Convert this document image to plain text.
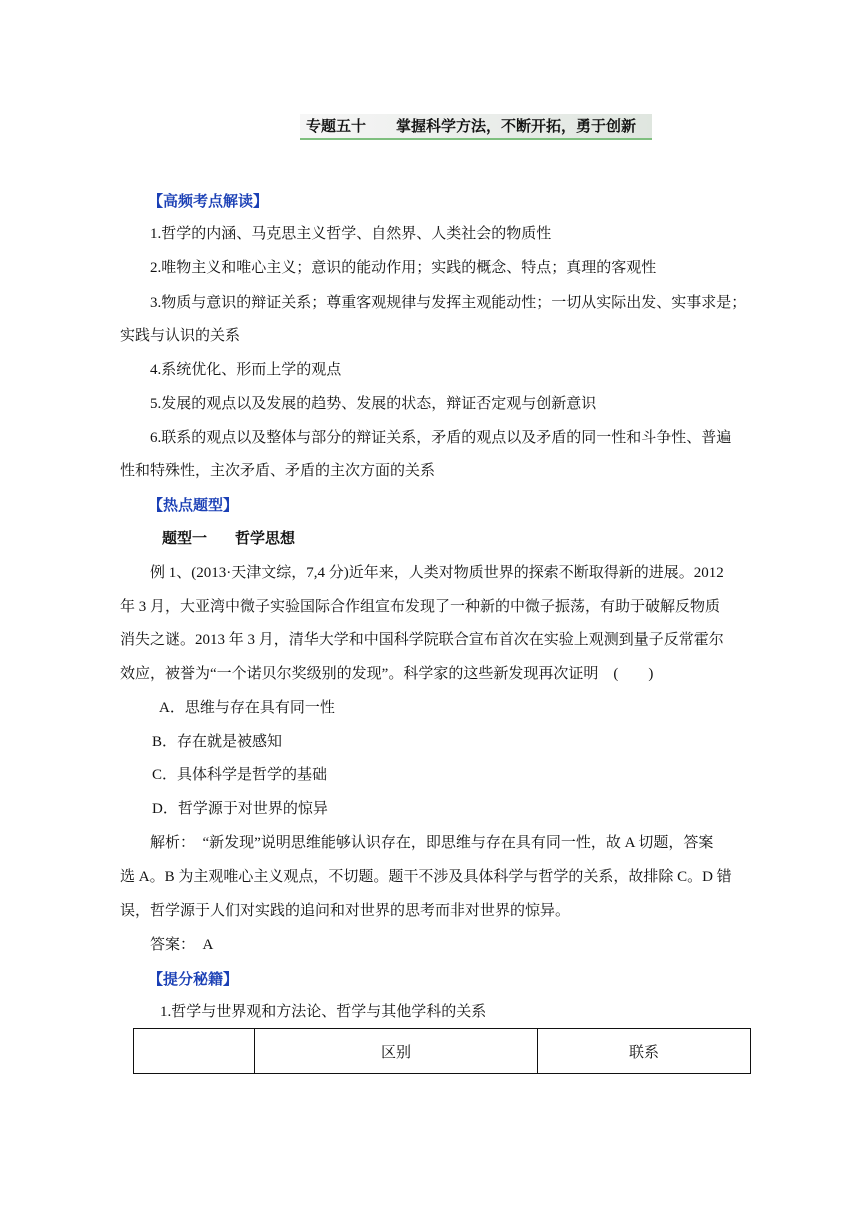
专题五十 掌握科学方法，不断开拓，勇于创新
【高频考点解读】
1.哲学的内涵、马克思主义哲学、自然界、人类社会的物质性
2.唯物主义和唯心主义；意识的能动作用；实践的概念、特点；真理的客观性
3.物质与意识的辩证关系；尊重客观规律与发挥主观能动性；一切从实际出发、实事求是；
实践与认识的关系
4.系统优化、形而上学的观点
5.发展的观点以及发展的趋势、发展的状态，辩证否定观与创新意识
6.联系的观点以及整体与部分的辩证关系，矛盾的观点以及矛盾的同一性和斗争性、普遍
性和特殊性，主次矛盾、矛盾的主次方面的关系
【热点题型】
题型一 哲学思想
例 1、(2013·天津文综，7,4 分)近年来，人类对物质世界的探索不断取得新的进展。2012
年 3 月，大亚湾中微子实验国际合作组宣布发现了一种新的中微子振荡，有助于破解反物质
消失之谜。2013 年 3 月，清华大学和中国科学院联合宣布首次在实验上观测到量子反常霍尔
效应，被誉为“一个诺贝尔奖级别的发现”。科学家的这些新发现再次证明　(　　)
A．思维与存在具有同一性
B．存在就是被感知
C．具体科学是哲学的基础
D．哲学源于对世界的惊异
解析：　“新发现”说明思维能够认识存在，即思维与存在具有同一性，故 A 切题，答案
选 A。B 为主观唯心主义观点，不切题。题干不涉及具体科学与哲学的关系，故排除 C。D 错
误，哲学源于人们对实践的追问和对世界的思考而非对世界的惊异。
答案：　A
【提分秘籍】
1.哲学与世界观和方法论、哲学与其他学科的关系
	区别	联系
